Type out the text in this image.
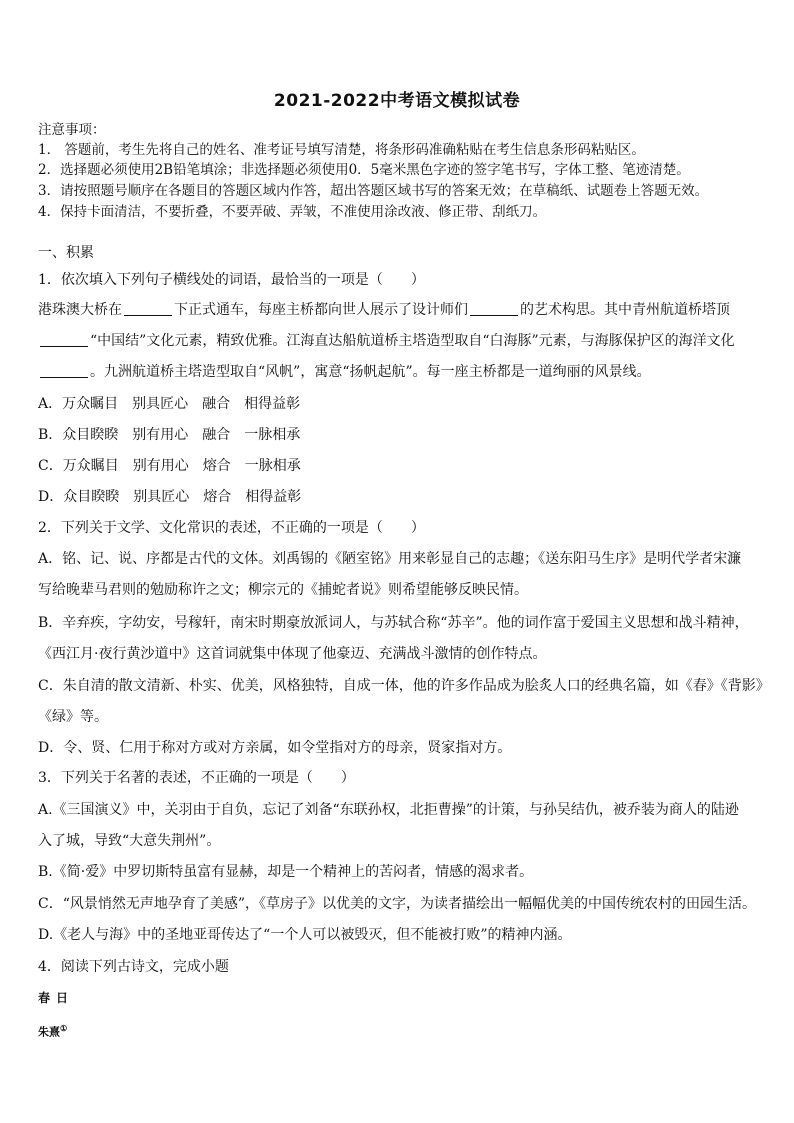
2021-2022中考语文模拟试卷
注意事项：
1． 答题前，考生先将自己的姓名、准考证号填写清楚，将条形码准确粘贴在考生信息条形码粘贴区。
2．选择题必须使用2B铅笔填涂；非选择题必须使用0．5毫米黑色字迹的签字笔书写，字体工整、笔迹清楚。
3．请按照题号顺序在各题目的答题区域内作答，超出答题区域书写的答案无效；在草稿纸、试题卷上答题无效。
4．保持卡面清洁，不要折叠，不要弄破、弄皱，不准使用涂改液、修正带、刮纸刀。
一、积累
1．依次填入下列句子横线处的词语，最恰当的一项是（　　）
港珠澳大桥在	下正式通车，每座主桥都向世人展示了设计师们	的艺术构思。其中青州航道桥塔顶
“中国结”文化元素，精致优雅。江海直达船航道桥主塔造型取自“白海豚”元素，与海豚保护区的海洋文化
。九洲航道桥主塔造型取自“风帆”，寓意“扬帆起航”。每一座主桥都是一道绚丽的风景线。
A．万众瞩目　别具匠心　融合　相得益彰
B．众目睽睽　别有用心　融合　一脉相承
C．万众瞩目　别有用心　熔合　一脉相承
D．众目睽睽　别具匠心　熔合　相得益彰
2．下列关于文学、文化常识的表述，不正确的一项是（　　）
A．铭、记、说、序都是古代的文体。刘禹锡的《陋室铭》用来彰显自己的志趣；《送东阳马生序》是明代学者宋濂
写给晚辈马君则的勉励称许之文；柳宗元的《捕蛇者说》则希望能够反映民情。
B．辛弃疾，字幼安，号稼轩，南宋时期豪放派词人，与苏轼合称“苏辛”。他的词作富于爱国主义思想和战斗精神，
《西江月·夜行黄沙道中》这首词就集中体现了他豪迈、充满战斗激情的创作特点。
C．朱自清的散文清新、朴实、优美，风格独特，自成一体，他的许多作品成为脍炙人口的经典名篇，如《春》《背影》
《绿》等。
D．令、贤、仁用于称对方或对方亲属，如令堂指对方的母亲，贤家指对方。
3．下列关于名著的表述，不正确的一项是（　　）
A.《三国演义》中，关羽由于自负，忘记了刘备“东联孙权，北拒曹操”的计策，与孙吴结仇，被乔装为商人的陆逊
入了城，导致“大意失荆州”。
B.《简·爱》中罗切斯特虽富有显赫，却是一个精神上的苦闷者，情感的渴求者。
C．“风景悄然无声地孕育了美感”，《草房子》以优美的文字，为读者描绘出一幅幅优美的中国传统农村的田园生活。
D.《老人与海》中的圣地亚哥传达了“一个人可以被毁灭，但不能被打败”的精神内涵。
4．阅读下列古诗文，完成小题
春日
朱熹①
